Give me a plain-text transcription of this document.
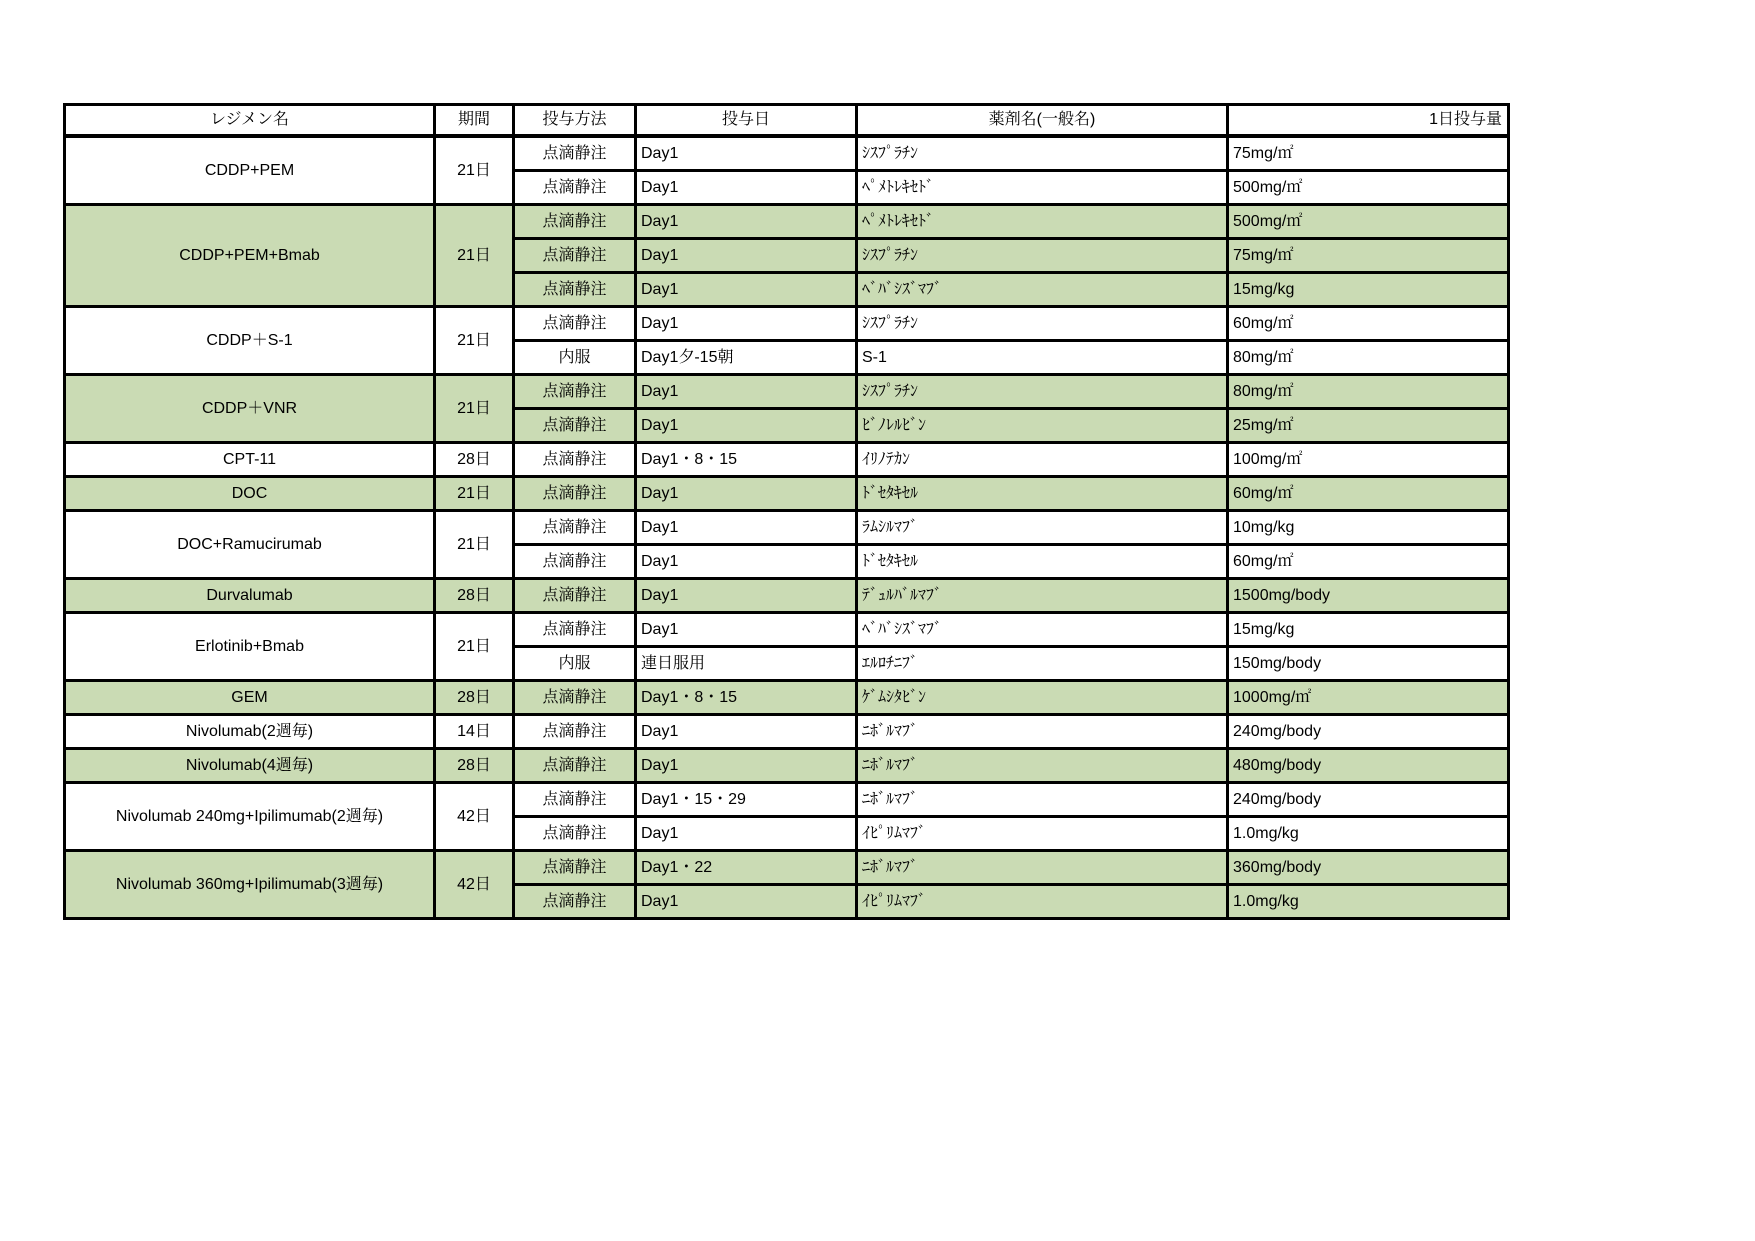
レジメン名	期間	投与方法	投与日	薬剤名(一般名)	1日投与量
CDDP+PEM	21日	点滴静注	Day1	ｼｽﾌﾟﾗﾁﾝ	75mg/㎡
		点滴静注	Day1	ﾍﾟﾒﾄﾚｷｾﾄﾞ	500mg/㎡
CDDP+PEM+Bmab	21日	点滴静注	Day1	ﾍﾟﾒﾄﾚｷｾﾄﾞ	500mg/㎡
		点滴静注	Day1	ｼｽﾌﾟﾗﾁﾝ	75mg/㎡
		点滴静注	Day1	ﾍﾞﾊﾞｼｽﾞﾏﾌﾞ	15mg/kg
CDDP＋S-1	21日	点滴静注	Day1	ｼｽﾌﾟﾗﾁﾝ	60mg/㎡
		内服	Day1夕-15朝	S-1	80mg/㎡
CDDP＋VNR	21日	点滴静注	Day1	ｼｽﾌﾟﾗﾁﾝ	80mg/㎡
		点滴静注	Day1	ﾋﾞﾉﾚﾙﾋﾞﾝ	25mg/㎡
CPT-11	28日	点滴静注	Day1・8・15	ｲﾘﾉﾃｶﾝ	100mg/㎡
DOC	21日	点滴静注	Day1	ﾄﾞｾﾀｷｾﾙ	60mg/㎡
DOC+Ramucirumab	21日	点滴静注	Day1	ﾗﾑｼﾙﾏﾌﾞ	10mg/kg
		点滴静注	Day1	ﾄﾞｾﾀｷｾﾙ	60mg/㎡
Durvalumab	28日	点滴静注	Day1	ﾃﾞｭﾙﾊﾞﾙﾏﾌﾞ	1500mg/body
Erlotinib+Bmab	21日	点滴静注	Day1	ﾍﾞﾊﾞｼｽﾞﾏﾌﾞ	15mg/kg
		内服	連日服用	ｴﾙﾛﾁﾆﾌﾞ	150mg/body
GEM	28日	点滴静注	Day1・8・15	ｹﾞﾑｼﾀﾋﾞﾝ	1000mg/㎡
Nivolumab(2週毎)	14日	点滴静注	Day1	ﾆﾎﾞﾙﾏﾌﾞ	240mg/body
Nivolumab(4週毎)	28日	点滴静注	Day1	ﾆﾎﾞﾙﾏﾌﾞ	480mg/body
Nivolumab 240mg+Ipilimumab(2週毎)	42日	点滴静注	Day1・15・29	ﾆﾎﾞﾙﾏﾌﾞ	240mg/body
		点滴静注	Day1	ｲﾋﾟﾘﾑﾏﾌﾞ	1.0mg/kg
Nivolumab 360mg+Ipilimumab(3週毎)	42日	点滴静注	Day1・22	ﾆﾎﾞﾙﾏﾌﾞ	360mg/body
		点滴静注	Day1	ｲﾋﾟﾘﾑﾏﾌﾞ	1.0mg/kg
